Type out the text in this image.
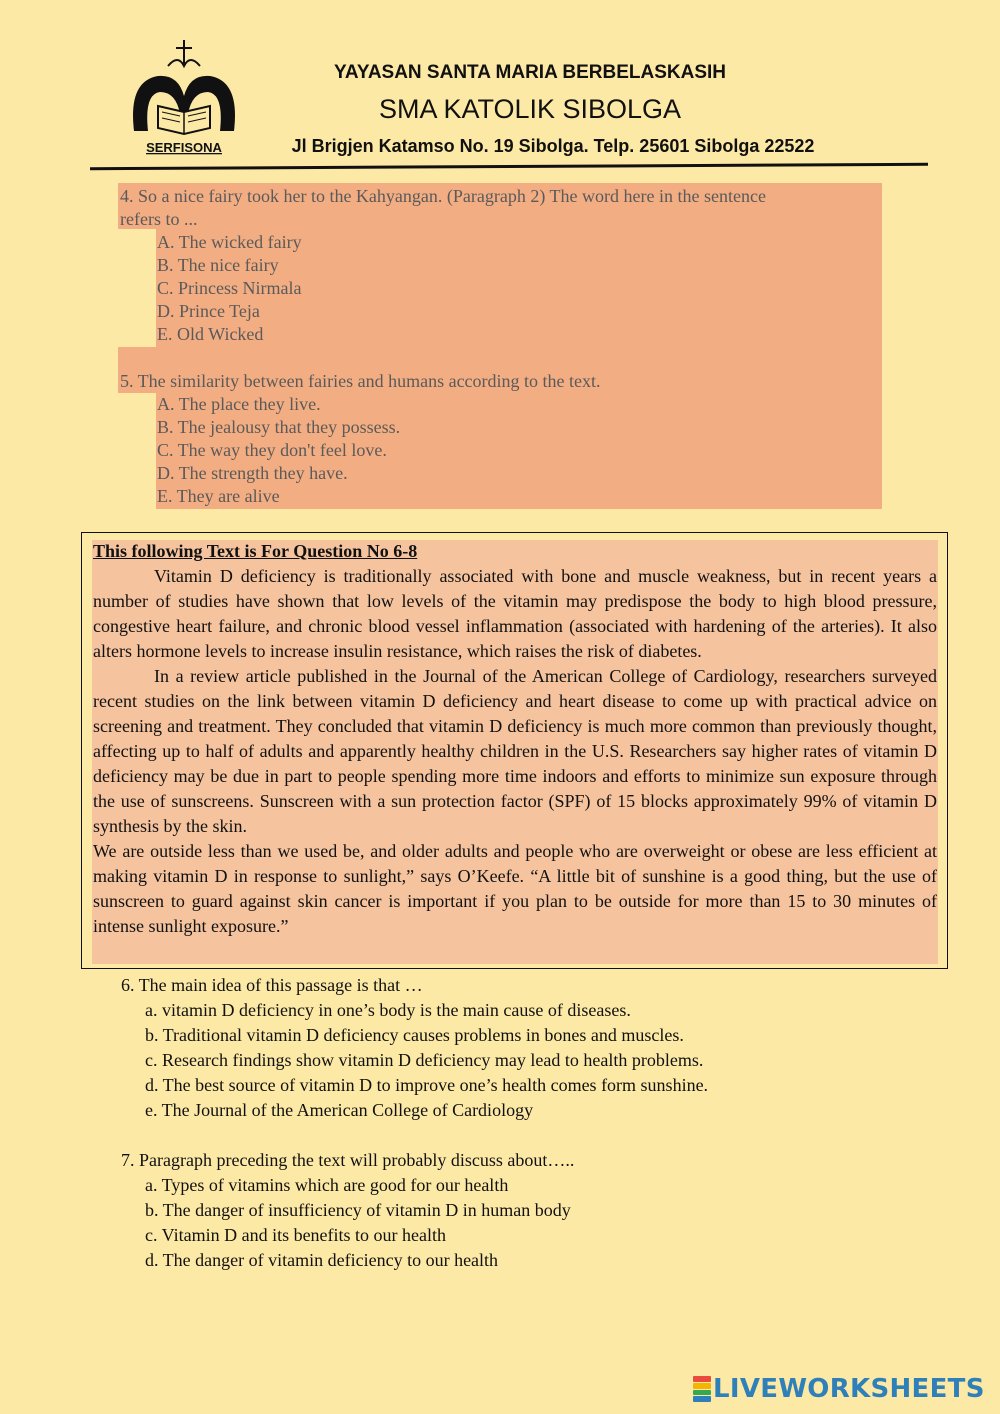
SERFISONA
YAYASAN SANTA MARIA BERBELASKASIH
SMA KATOLIK SIBOLGA
Jl Brigjen Katamso No. 19 Sibolga. Telp. 25601 Sibolga 22522
4. So a nice fairy took her to the Kahyangan. (Paragraph 2) The word here in the sentence
refers to ...
A. The wicked fairy
B. The nice fairy
C. Princess Nirmala
D. Prince Teja
E. Old Wicked
5. The similarity between fairies and humans according to the text.
A. The place they live.
B. The jealousy that they possess.
C. The way they don't feel love.
D. The strength they have.
E. They are alive

This following Text is For Question No 6-8

Vitamin D deficiency is traditionally associated with bone and muscle weakness, but in recent years a number of studies have shown that low levels of the vitamin may predispose the body to high blood pressure, congestive heart failure, and chronic blood vessel inflammation (associated with hardening of the arteries). It also alters hormone levels to increase insulin resistance, which raises the risk of diabetes.

In a review article published in the Journal of the American College of Cardiology, researchers surveyed recent studies on the link between vitamin D deficiency and heart disease to come up with practical advice on screening and treatment. They concluded that vitamin D deficiency is much more common than previously thought, affecting up to half of adults and apparently healthy children in the U.S. Researchers say higher rates of vitamin D deficiency may be due in part to people spending more time indoors and efforts to minimize sun exposure through the use of sunscreens. Sunscreen with a sun protection factor (SPF) of 15 blocks approximately 99% of vitamin D synthesis by the skin.

We are outside less than we used be, and older adults and people who are overweight or obese are less efficient at making vitamin D in response to sunlight,” says O’Keefe. “A little bit of sunshine is a good thing, but the use of sunscreen to guard against skin cancer is important if you plan to be outside for more than 15 to 30 minutes of intense sunlight exposure.”

6. The main idea of this passage is that …
a. vitamin D deficiency in one’s body is the main cause of diseases.
b. Traditional vitamin D deficiency causes problems in bones and muscles.
c. Research findings show vitamin D deficiency may lead to health problems.
d. The best source of vitamin D to improve one’s health comes form sunshine.
e. The Journal of the American College of Cardiology
7. Paragraph preceding the text will probably discuss about…..
a. Types of vitamins which are good for our health
b. The danger of insufficiency of vitamin D in human body
c. Vitamin D and its benefits to our health
d. The danger of vitamin deficiency to our health
LIVEWORKSHEETS
